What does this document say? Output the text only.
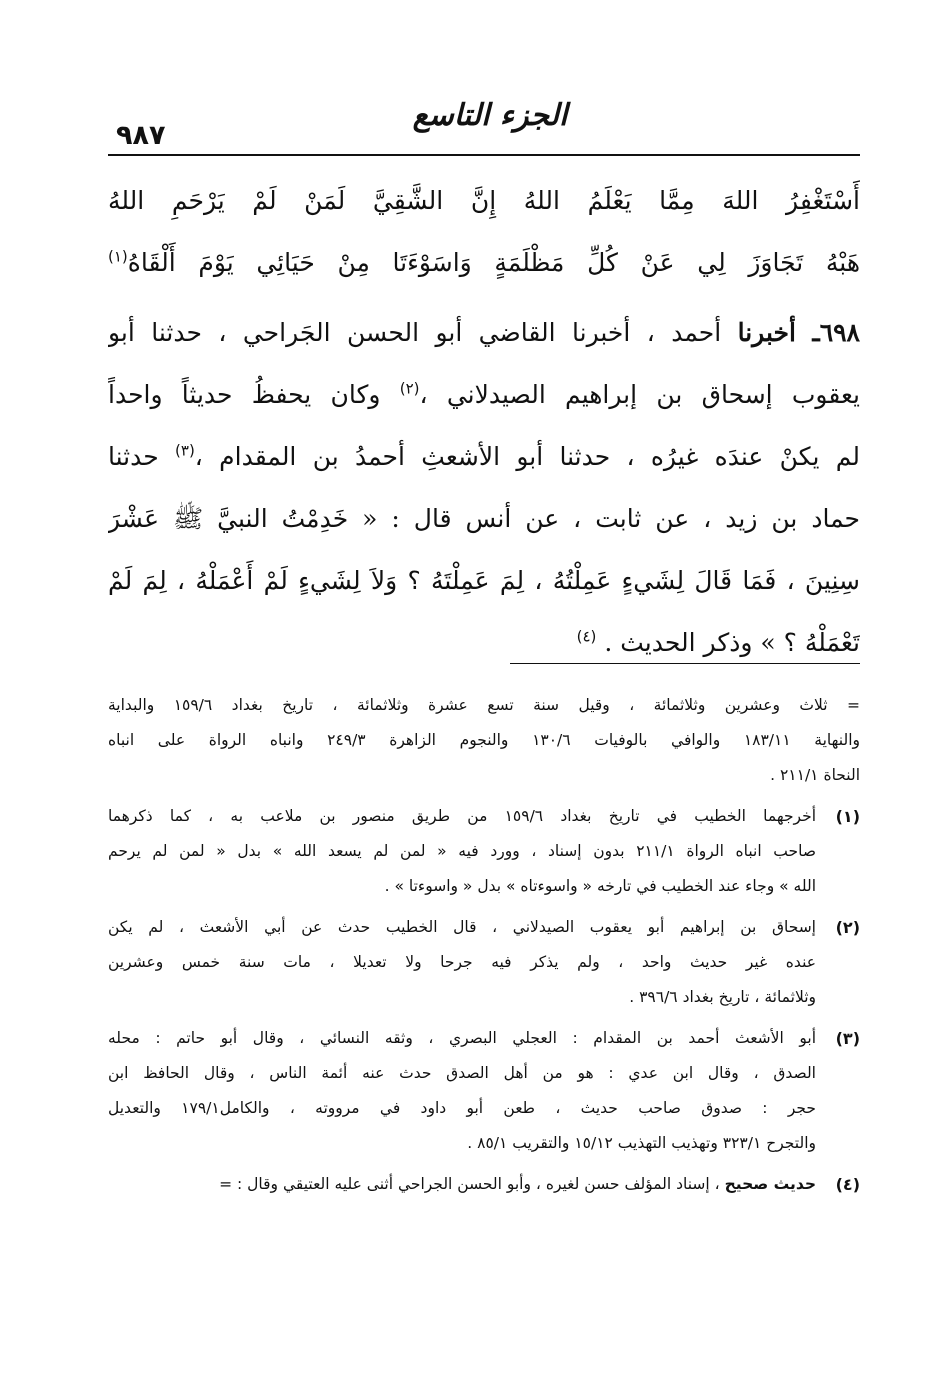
٧٨٩
الجزء التاسع
أَسْتَغْفِرُ اللهَ مِمَّا يَعْلَمُ اللهُ إِنَّ الشَّقِيَّ لَمَنْ لَمْ يَرْحَمِ اللهُ
هَبْهُ تَجَاوَزَ لِي عَنْ كُلِّ مَظْلَمَةٍ وَاسَوْءَتَا مِنْ حَيَائِي يَوْمَ أَلْقَاهُ$^{(١)}$
٦٩٨ـ أخبرنا أحمد ، أخبرنا القاضي أبو الحسن الجَراحي ، حدثنا أبو
يعقوب إسحاق بن إبراهيم الصيدلاني ،$^{(٢)}$ وكان يحفظُ حديثاً واحداً
لم يكنْ عندَه غيرُه ، حدثنا أبو الأشعثِ أحمدُ بن المقدام ،$^{(٣)}$ حدثنا
حماد بن زيد ، عن ثابت ، عن أنس قال : « خَدِمْتُ النبيَّ ﷺ عَشْرَ
سِنِينَ ، فَمَا قَالَ لِشَيءٍ عَمِلْتُهُ ، لِمَ عَمِلْتَهُ ؟ وَلاَ لِشَيءٍ لَمْ أَعْمَلْهُ ، لِمَ لَمْ
تَعْمَلْهُ ؟ » وذكر الحديث . $^{(٤)}$
= ثلاث وعشرين وثلاثمائة ، وقيل سنة تسع عشرة وثلاثمائة ، تاريخ بغداد ١٥٩/٦ والبداية
والنهاية ١٨٣/١١ والوافي بالوفيات ١٣٠/٦ والنجوم الزاهرة ٢٤٩/٣ وانباه الرواة على انباه
النحاة ٢١١/١ .
(١)
أخرجهما الخطيب في تاريخ بغداد ١٥٩/٦ من طريق منصور بن ملاعب به ، كما ذكرهما
صاحب انباه الرواة ٢١١/١ بدون إسناد ، وورد فيه « لمن لم يسعد الله » بدل « لمن لم يرحم
الله » وجاء عند الخطيب في تارخه « واسوءتاه » بدل « واسوءتا » .
(٢)
إسحاق بن إبراهيم أبو يعقوب الصيدلاني ، قال الخطيب حدث عن أبي الأشعث ، لم يكن
عنده غير حديث واحد ، ولم يذكر فيه جرحا ولا تعديلا ، مات سنة خمس وعشرين
وثلاثمائة ، تاريخ بغداد ٣٩٦/٦ .
(٣)
أبو الأشعث أحمد بن المقدام : العجلي البصري ، وثقه النسائي ، وقال أبو حاتم : محله
الصدق ، وقال ابن عدي : هو من أهل الصدق حدث عنه أئمة الناس ، وقال الحافظ ابن
حجر : صدوق صاحب حديث ، طعن أبو داود في مرووته ، والكامل١٧٩/١ والتعديل
والتجرح ٣٢٣/١ وتهذيب التهذيب ١٥/١٢ والتقريب ٨٥/١ .
(٤)
حديث صحيح ، إسناد المؤلف حسن لغيره ، وأبو الحسن الجراحي أثنى عليه العتيقي وقال : =
